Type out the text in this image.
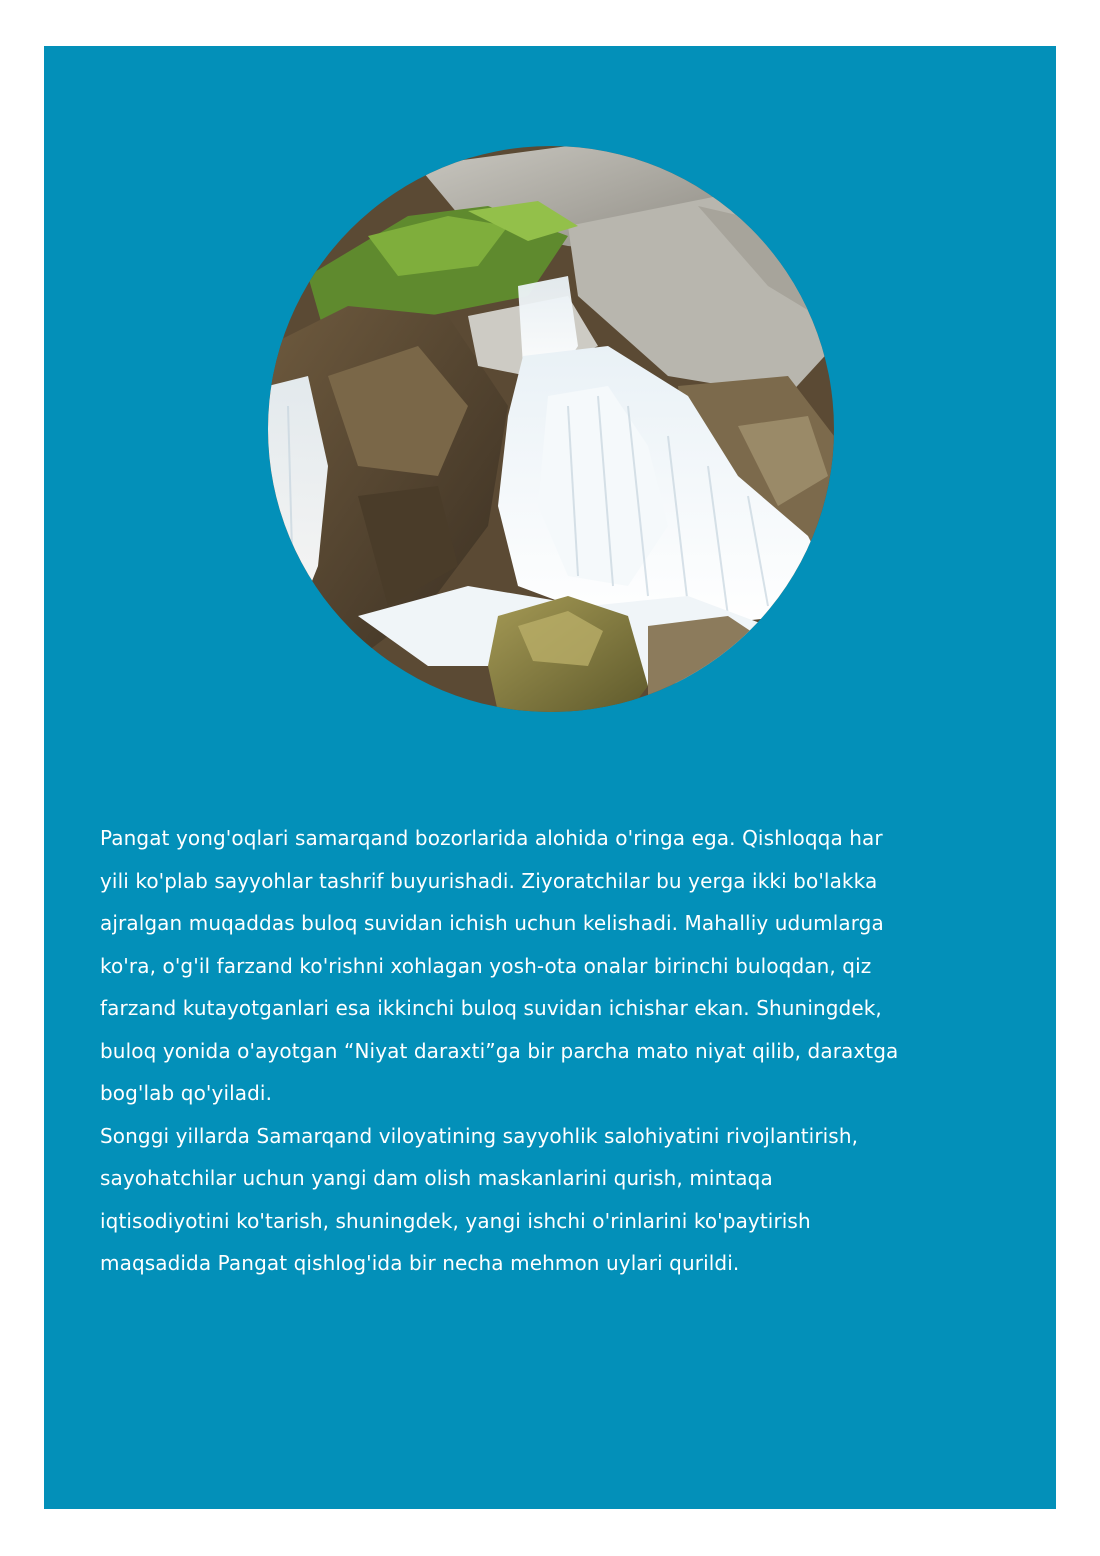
Pangat yong'oqlari samarqand bozorlarida alohida o'ringa ega. Qishloqqa har
yili ko'plab sayyohlar tashrif buyurishadi. Ziyoratchilar bu yerga ikki bo'lakka
ajralgan muqaddas buloq suvidan ichish uchun kelishadi. Mahalliy udumlarga
ko'ra, o'g'il farzand ko'rishni xohlagan yosh-ota onalar birinchi buloqdan, qiz
farzand kutayotganlari esa ikkinchi buloq suvidan ichishar ekan. Shuningdek,
buloq yonida o'ayotgan “Niyat daraxti”ga bir parcha mato niyat qilib, daraxtga
bog'lab qo'yiladi.

Songgi yillarda Samarqand viloyatining sayyohlik salohiyatini rivojlantirish,
sayohatchilar uchun yangi dam olish maskanlarini qurish, mintaqa
iqtisodiyotini ko'tarish, shuningdek, yangi ishchi o'rinlarini ko'paytirish
maqsadida Pangat qishlog'ida bir necha mehmon uylari qurildi.
